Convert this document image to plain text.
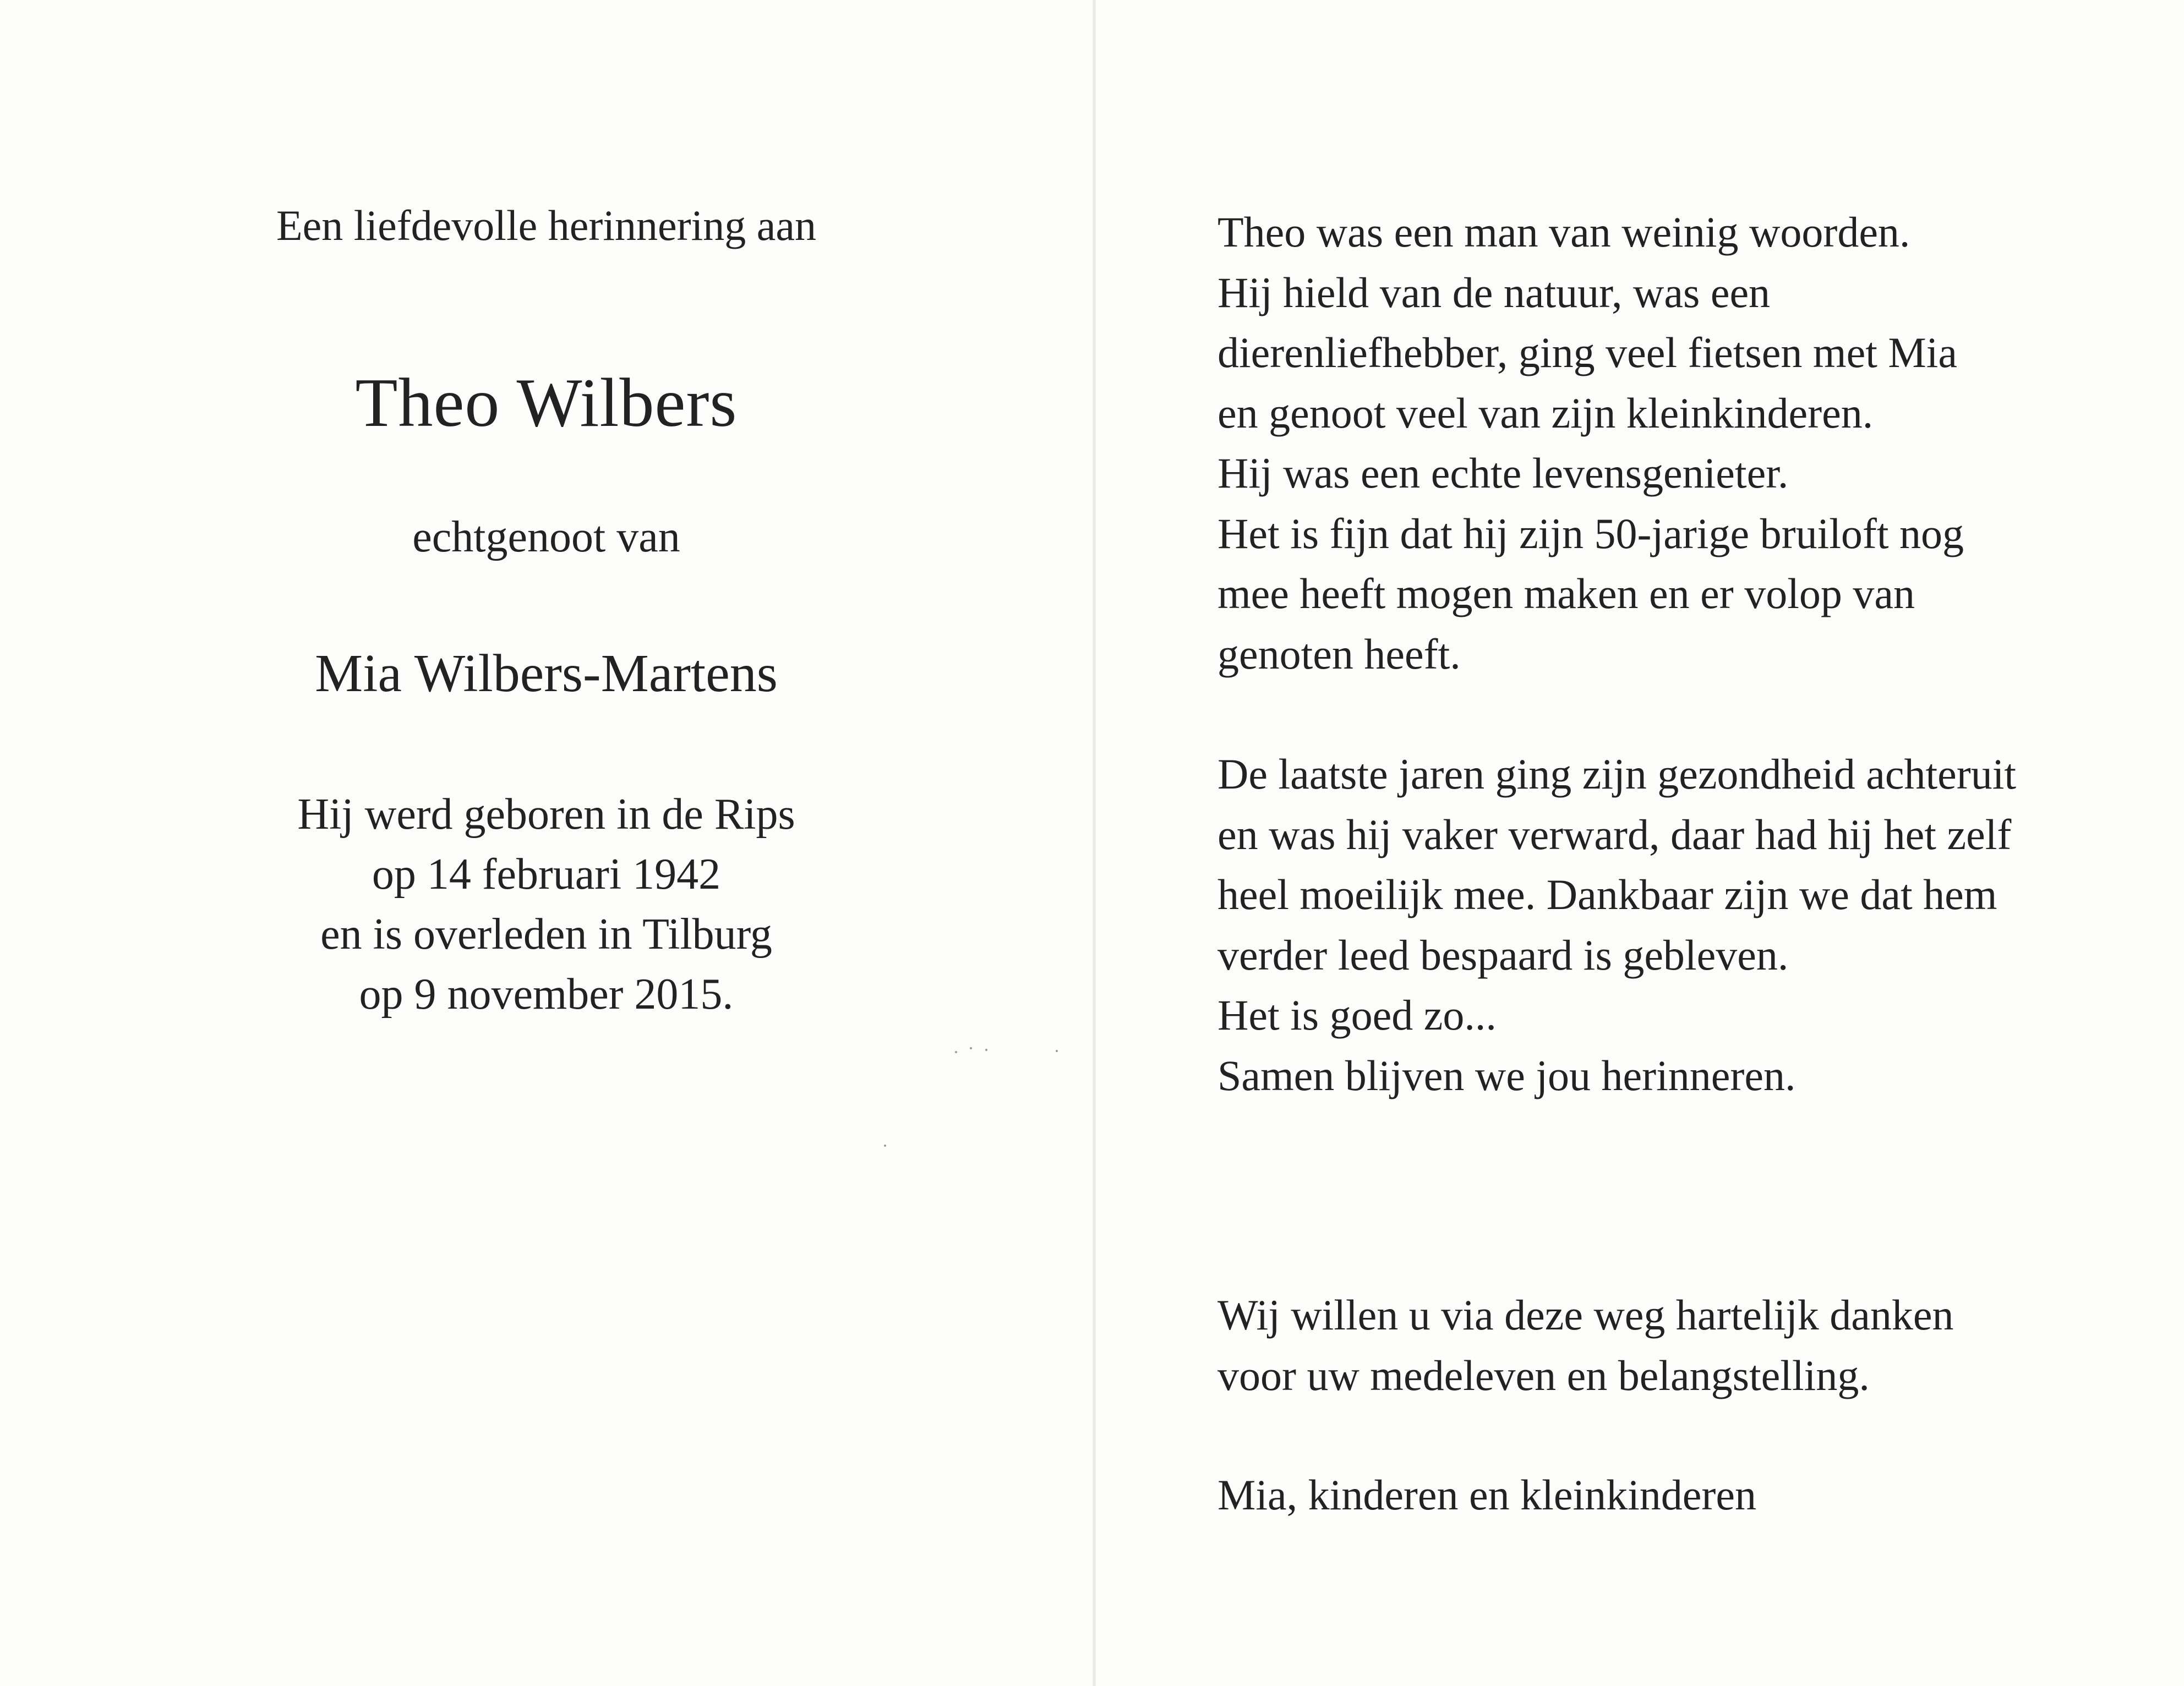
Een liefdevolle herinnering aan

Theo Wilbers

echtgenoot van

Mia Wilbers-Martens

Hij werd geboren in de Rips
op 14 februari 1942
en is overleden in Tilburg
op 9 november 2015.
Theo was een man van weinig woorden.
Hij hield van de natuur, was een
dierenliefhebber, ging veel fietsen met Mia
en genoot veel van zijn kleinkinderen.
Hij was een echte levensgenieter.
Het is fijn dat hij zijn 50-jarige bruiloft nog
mee heeft mogen maken en er volop van
genoten heeft.
De laatste jaren ging zijn gezondheid achteruit
en was hij vaker verward, daar had hij het zelf
heel moeilijk mee. Dankbaar zijn we dat hem
verder leed bespaard is gebleven.
Het is goed zo...
Samen blijven we jou herinneren.
Wij willen u via deze weg hartelijk danken
voor uw medeleven en belangstelling.
Mia, kinderen en kleinkinderen
